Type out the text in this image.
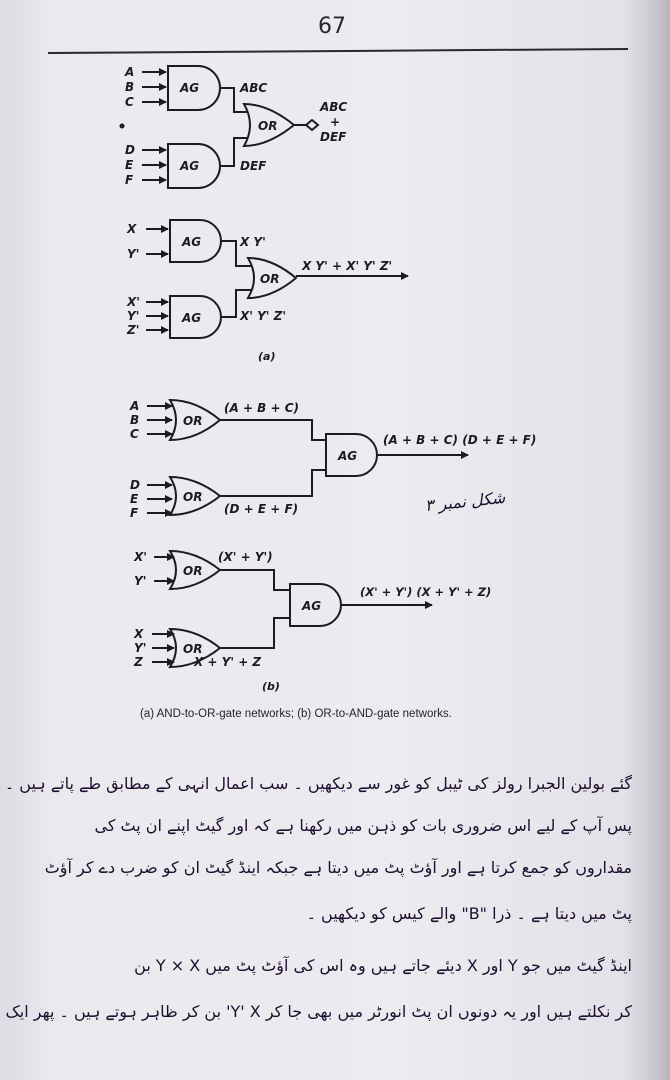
67
A
B
C
AG	ABC
D
E
F
AG	DEF
OR
ABC
+
DEF
X
Y'
AG	X Y'
X'
Y'
Z'
AG	X' Y' Z'
OR
X Y' + X' Y' Z'
(a)
A
B
C
OR
(A + B + C)
D
E
F
OR
(D + E + F)
AG
(A + B + C) (D + E + F)
X'
Y'
OR
(X' + Y')
X
Y'
Z
OR
X + Y' + Z
AG
(X' + Y') (X + Y' + Z)
(b)
شکل نمبر ۳
(a) AND-to-OR-gate networks; (b) OR-to-AND-gate networks.
گئے بولین الجبرا رولز کی ٹیبل کو غور سے دیکھیں ۔ سب اعمال انہی کے مطابق طے پاتے ہیں ۔
پس آپ کے لیے اس ضروری بات کو ذہن میں رکھنا ہے کہ اور گیٹ اپنے ان پٹ کی
مقداروں کو جمع کرتا ہے اور آؤٹ پٹ میں دیتا ہے جبکہ اینڈ گیٹ ان کو ضرب دے کر آؤٹ
پٹ میں دیتا ہے ۔ ذرا "B" والے کیس کو دیکھیں ۔
اینڈ گیٹ میں جو Y اور X دیئے جاتے ہیں وہ اس کی آؤٹ پٹ میں Y × X بن
کر نکلتے ہیں اور یہ دونوں ان پٹ انورٹر میں بھی جا کر Y' X' بن کر ظاہر ہوتے ہیں ۔ پھر ایک
